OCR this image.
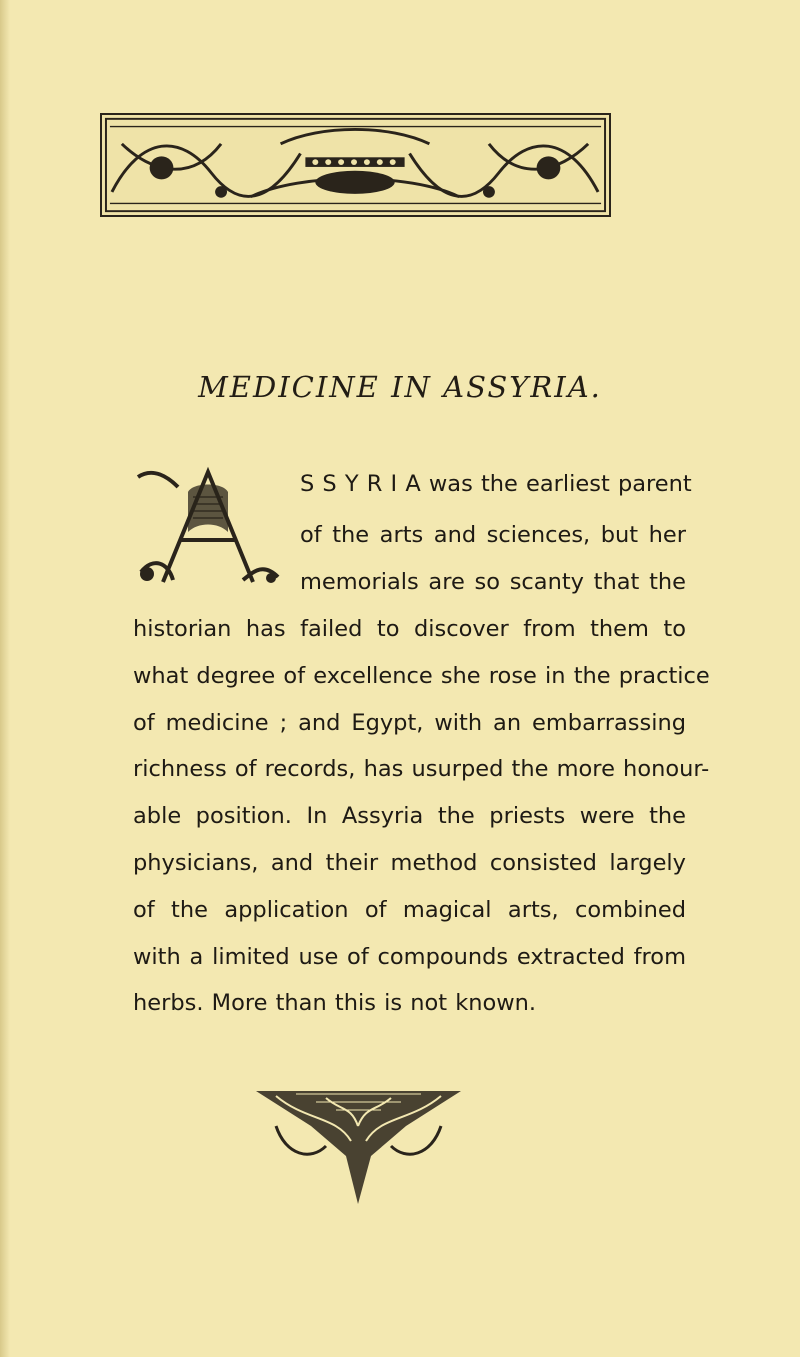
MEDICINE IN ASSYRIA.
S S Y R I A was the earliest parent
of the arts and sciences, but her
memorials are so scanty that the
historian has failed to discover from them to
what degree of excellence she rose in the practice
of medicine ; and Egypt, with an embarrassing
richness of records, has usurped the more honour-
able position. In Assyria the priests were the
physicians, and their method consisted largely
of the application of magical arts, combined
with a limited use of compounds extracted from
herbs. More than this is not known.
